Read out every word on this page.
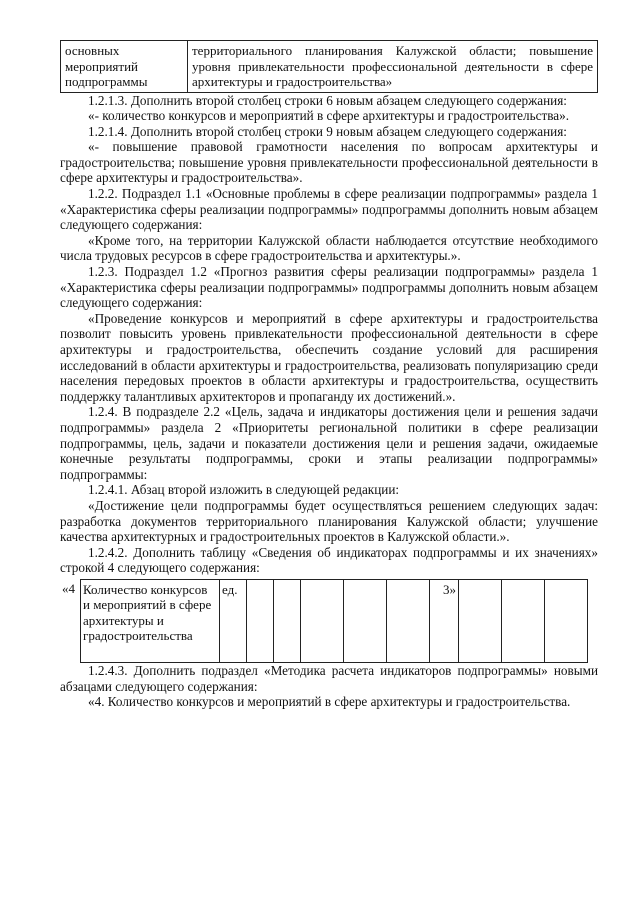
основных
мероприятий
подпрограммы
	территориального планирования Калужской области; повышение уровня привлекательности профессиональной деятельности в сфере архитектуры и градостроительства»

1.2.1.3. Дополнить второй столбец строки 6 новым абзацем следующего содержания:

«- количество конкурсов и мероприятий в сфере архитектуры и градостроительства».

1.2.1.4. Дополнить второй столбец строки 9 новым абзацем следующего содержания:

«- повышение правовой грамотности населения по вопросам архитектуры и градостроительства; повышение уровня привлекательности профессиональной деятельности в сфере архитектуры и градостроительства».

1.2.2. Подраздел 1.1 «Основные проблемы в сфере реализации подпрограммы» раздела 1 «Характеристика сферы реализации подпрограммы» подпрограммы дополнить новым абзацем следующего содержания:

«Кроме того, на территории Калужской области наблюдается отсутствие необходимого числа трудовых ресурсов в сфере градостроительства и архитектуры.».

1.2.3. Подраздел 1.2 «Прогноз развития сферы реализации подпрограммы» раздела 1 «Характеристика сферы реализации подпрограммы» подпрограммы дополнить новым абзацем следующего содержания:

«Проведение конкурсов и мероприятий в сфере архитектуры и градостроительства позволит повысить уровень привлекательности профессиональной деятельности в сфере архитектуры и градостроительства, обеспечить создание условий для расширения исследований в области архитектуры и градостроительства, реализовать популяризацию среди населения передовых проектов в области архитектуры и градостроительства, осуществить поддержку талантливых архитекторов и пропаганду их достижений.».

1.2.4. В подразделе 2.2 «Цель, задача и индикаторы достижения цели и решения задачи подпрограммы» раздела 2 «Приоритеты региональной политики в сфере реализации подпрограммы, цель, задачи и показатели достижения цели и решения задачи, ожидаемые конечные результаты подпрограммы, сроки и этапы реализации подпрограммы» подпрограммы:

1.2.4.1. Абзац второй изложить в следующей редакции:

«Достижение цели подпрограммы будет осуществляться решением следующих задач: разработка документов территориального планирования Калужской области; улучшение качества архитектурных и градостроительных проектов в Калужской области.».

1.2.4.2. Дополнить таблицу «Сведения об индикаторах подпрограммы и их значениях» строкой 4 следующего содержания:

«4	Количество конкурсов и мероприятий в сфере архитектуры и градостроительства	ед.						3»			

1.2.4.3. Дополнить подраздел «Методика расчета индикаторов подпрограммы» новыми абзацами следующего содержания:

«4. Количество конкурсов и мероприятий в сфере архитектуры и градостроительства.
